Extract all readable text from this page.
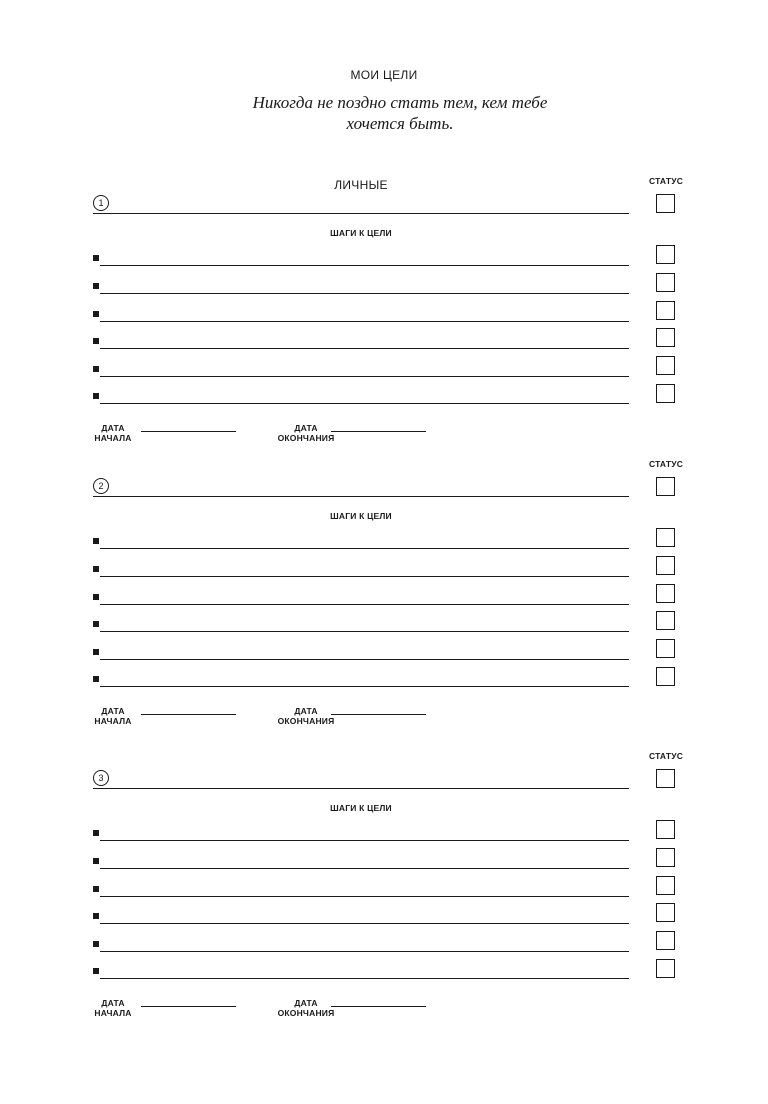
МОИ ЦЕЛИ
Никогда не поздно стать тем, кем тебе
хочется быть.
ЛИЧНЫЕ	СТАТУС
1
ШАГИ К ЦЕЛИ
ДАТА
НАЧАЛА
ДАТА
ОКОНЧАНИЯ
СТАТУС
2
ШАГИ К ЦЕЛИ
ДАТА
НАЧАЛА
ДАТА
ОКОНЧАНИЯ
СТАТУС
3
ШАГИ К ЦЕЛИ
ДАТА
НАЧАЛА
ДАТА
ОКОНЧАНИЯ
